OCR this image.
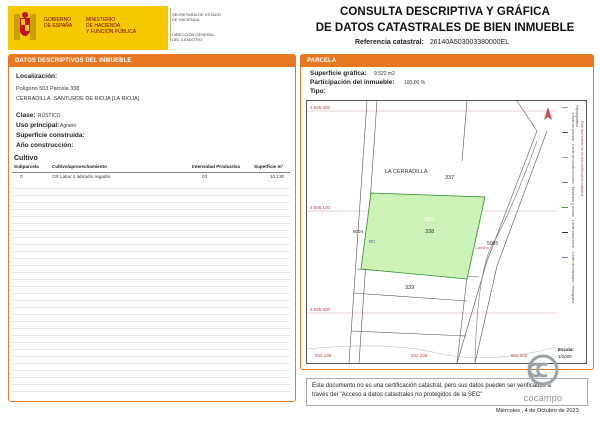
GOBIERNO
DE ESPAÑA
MINISTERIO
DE HACIENDA
Y FUNCIÓN PÚBLICA
SECRETARÍA DE ESTADO
DE HACIENDA
DIRECCIÓN GENERAL
DEL CATASTRO
CONSULTA DESCRIPTIVA Y GRÁFICA
DE DATOS CATASTRALES DE BIEN INMUEBLE
Referencia catastral: 26140A503003380000EL
DATOS DESCRIPTIVOS DEL INMUEBLE
Localización:
Polígono 503 Parcela 338
CERRADILLA. SANTURDE DE RIOJA [LA RIOJA]
Clase: RÚSTICO
Uso principal: Agrario
Superficie construida:
Año construcción:
Cultivo
Subparcela	Cultivo/aprovechamiento	Intensidad Productiva	Superficie m²
0	CR Labor o labradío regadío	03	10.130
PARCELA
Superficie gráfica: 9.522 m2
Participación del inmueble: 100,00 %
Tipo:
4.695.200
4.695.100
4.695.000
502.100	502.200	502.300
LA CERRADILLA
337
503
338
339
5005
9004
RC
Camino
Hipsográfico
Límite de parcela · Límite de construcciones · Mobiliario y aceras · Límite zona verde · Límite de manzana · Hidrografía
Este documento no es una certificación catastral
Escala:
1/2000
Este documento no es una certificación catastral, pero sus datos pueden ser verificados a
través del "Acceso a datos catastrales no protegidos de la SEC"	cocampo
Miércoles , 4 de Octubre de 2023
